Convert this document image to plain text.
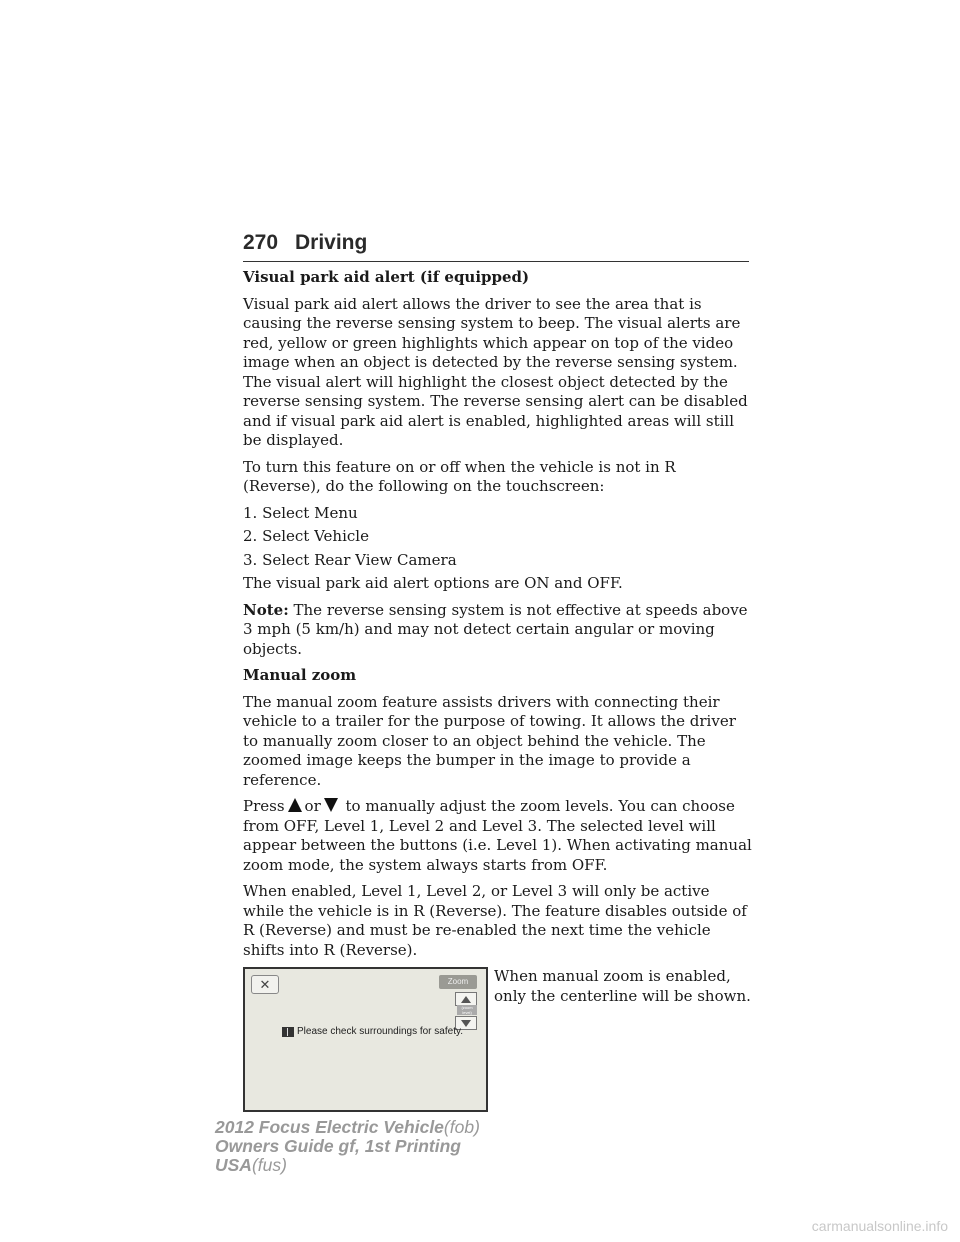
270 Driving
Visual park aid alert (if equipped)

Visual park aid alert allows the driver to see the area that is causing the reverse sensing system to beep. The visual alerts are red, yellow or green highlights which appear on top of the video image when an object is detected by the reverse sensing system. The visual alert will highlight the closest object detected by the reverse sensing system. The reverse sensing alert can be disabled and if visual park aid alert is enabled, highlighted areas will still be displayed.

To turn this feature on or off when the vehicle is not in R (Reverse), do the following on the touchscreen:

1. Select Menu

2. Select Vehicle

3. Select Rear View Camera

The visual park aid alert options are ON and OFF.

Note: The reverse sensing system is not effective at speeds above 3 mph (5 km/h) and may not detect certain angular or moving objects.

Manual zoom

The manual zoom feature assists drivers with connecting their vehicle to a trailer for the purpose of towing. It allows the driver to manually zoom closer to an object behind the vehicle. The zoomed image keeps the bumper in the image to provide a reference.

Press or to manually adjust the zoom levels. You can choose from OFF, Level 1, Level 2 and Level 3. The selected level will appear between the buttons (i.e. Level 1). When activating manual zoom mode, the system always starts from OFF.

When enabled, Level 1, Level 2, or Level 3 will only be active while the vehicle is in R (Reverse). The feature disables outside of R (Reverse) and must be re-enabled the next time the vehicle shifts into R (Reverse).

✕	Zoom
(zoom level)
Please check surroundings for safety.
When manual zoom is enabled, only the centerline will be shown.
2012 Focus Electric Vehicle(fob)
Owners Guide gf, 1st Printing
USA(fus)
carmanualsonline.info
